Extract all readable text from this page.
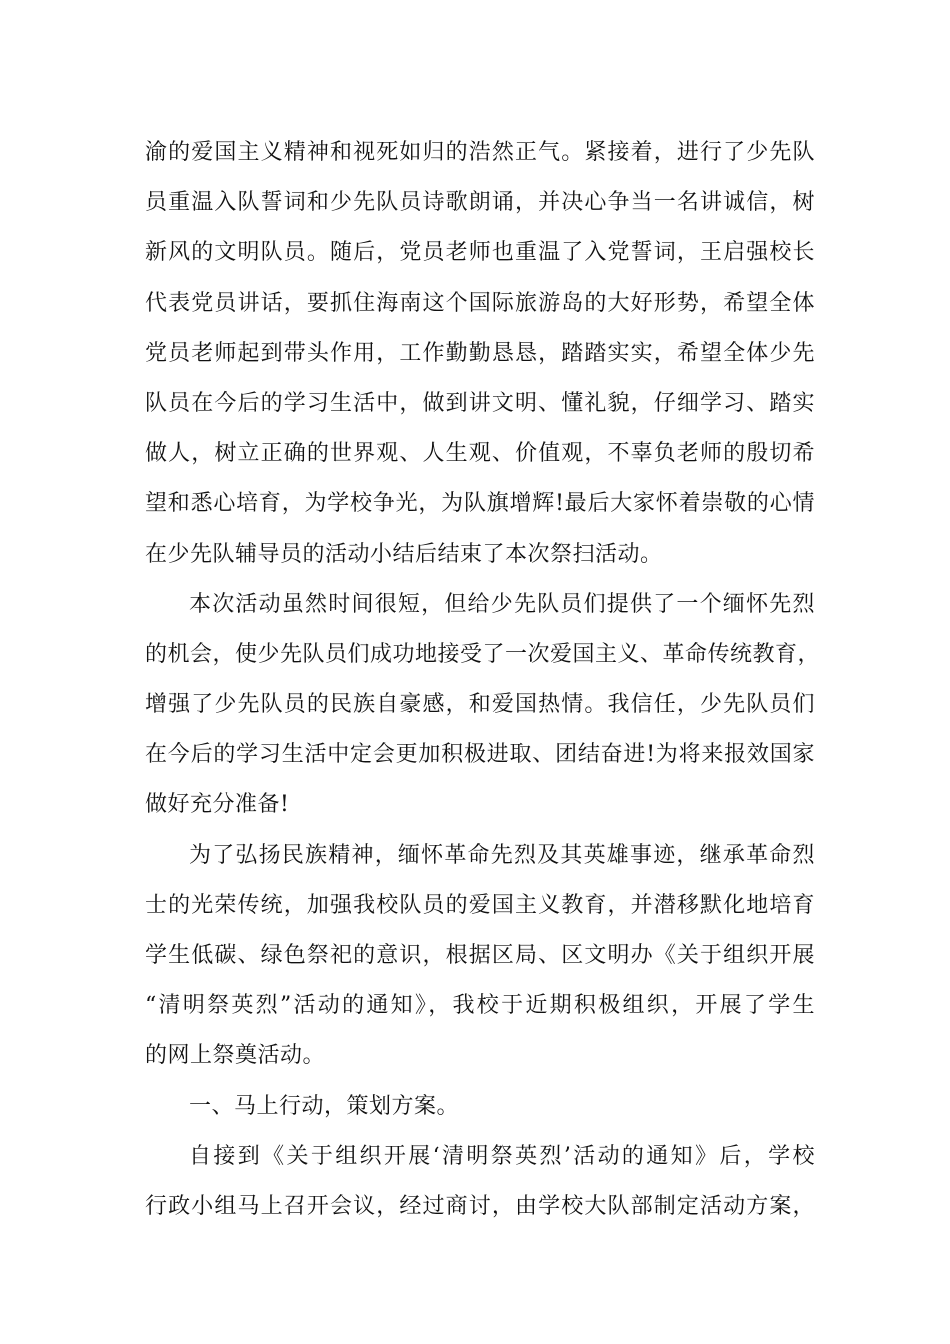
渝的爱国主义精神和视死如归的浩然正气。紧接着，进行了少先队
员重温入队誓词和少先队员诗歌朗诵，并决心争当一名讲诚信，树
新风的文明队员。随后，党员老师也重温了入党誓词，王启强校长
代表党员讲话，要抓住海南这个国际旅游岛的大好形势，希望全体
党员老师起到带头作用，工作勤勤恳恳，踏踏实实，希望全体少先
队员在今后的学习生活中，做到讲文明、懂礼貌，仔细学习、踏实
做人，树立正确的世界观、人生观、价值观，不辜负老师的殷切希
望和悉心培育，为学校争光，为队旗增辉!最后大家怀着崇敬的心情
在少先队辅导员的活动小结后结束了本次祭扫活动。
本次活动虽然时间很短，但给少先队员们提供了一个缅怀先烈
的机会，使少先队员们成功地接受了一次爱国主义、革命传统教育，
增强了少先队员的民族自豪感，和爱国热情。我信任，少先队员们
在今后的学习生活中定会更加积极进取、团结奋进!为将来报效国家
做好充分准备!
为了弘扬民族精神，缅怀革命先烈及其英雄事迹，继承革命烈
士的光荣传统，加强我校队员的爱国主义教育，并潜移默化地培育
学生低碳、绿色祭祀的意识，根据区局、区文明办《关于组织开展
“清明祭英烈”活动的通知》，我校于近期积极组织，开展了学生
的网上祭奠活动。
一、马上行动，策划方案。
自接到《关于组织开展‘清明祭英烈’活动的通知》后，学校
行政小组马上召开会议，经过商讨，由学校大队部制定活动方案，
